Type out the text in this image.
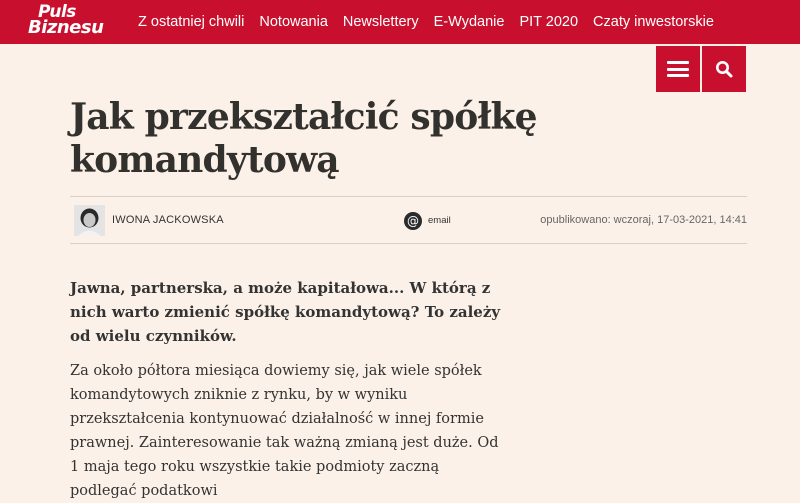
Puls
Biznesu Z ostatniej chwili Notowania Newslettery E-Wydanie PIT 2020 Czaty inwestorskie
Jak przekształcić spółkę komandytową
IWONA JACKOWSKA	@ email	opublikowano: wczoraj, 17-03-2021, 14:41

Jawna, partnerska, a może kapitałowa... W którą z nich warto zmienić spółkę komandytową? To zależy od wielu czynników.

Za około półtora miesiąca dowiemy się, jak wiele spółek komandytowych zniknie z rynku, by w wyniku przekształcenia kontynuować działalność w innej formie prawnej. Zainteresowanie tak ważną zmianą jest duże. Od 1 maja tego roku wszystkie takie podmioty zaczną podlegać podatkowi
